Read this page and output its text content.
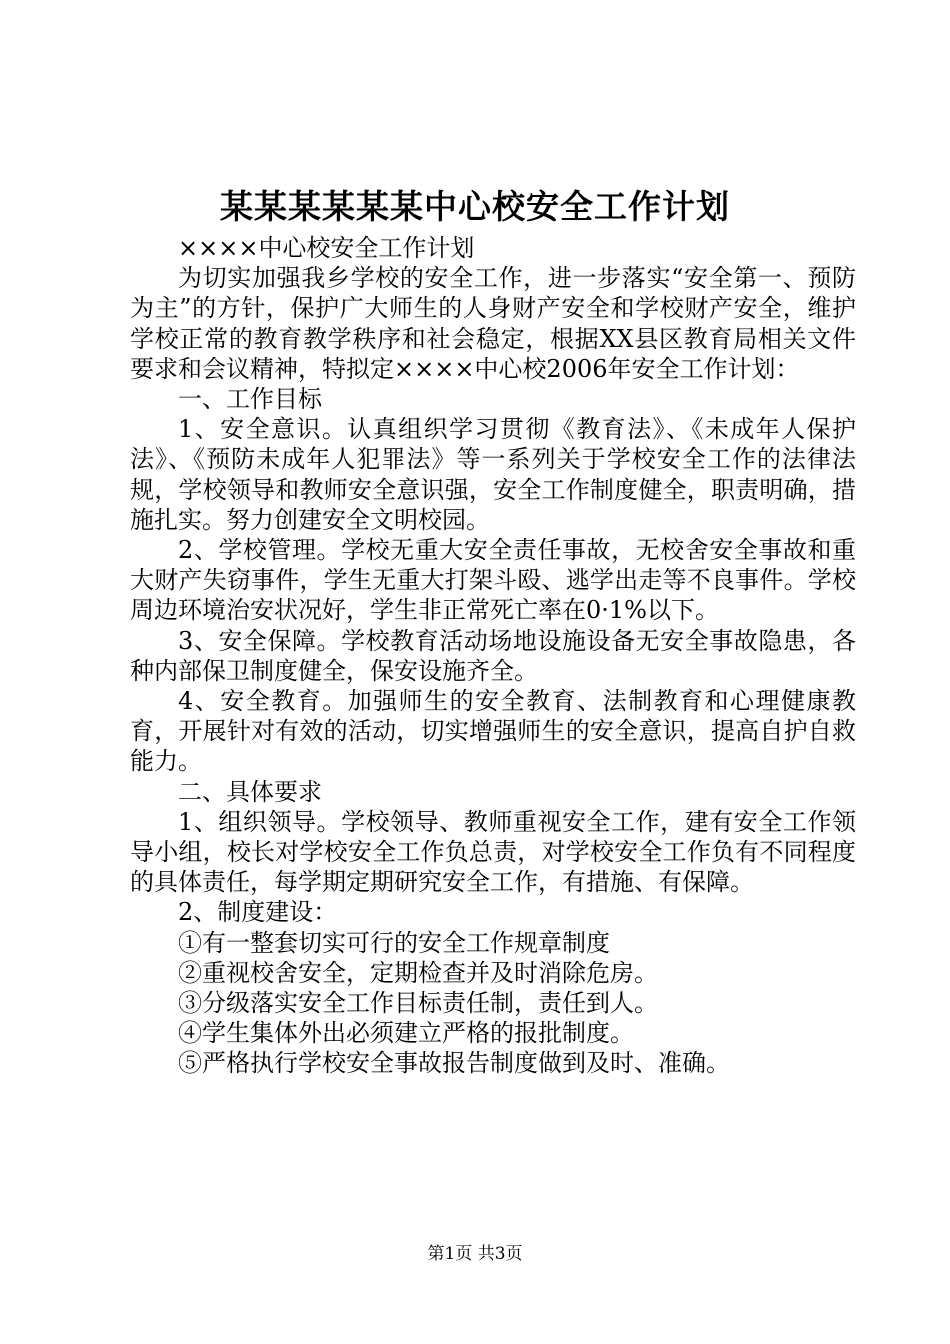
某某某某某某中心校安全工作计划

××××中心校安全工作计划

为切实加强我乡学校的安全工作，进一步落实“安全第一、预防为主”的方针，保护广大师生的人身财产安全和学校财产安全，维护学校正常的教育教学秩序和社会稳定，根据XX县区教育局相关文件要求和会议精神，特拟定××××中心校2006年安全工作计划：

一、工作目标

1、安全意识。认真组织学习贯彻《教育法》、《未成年人保护法》、《预防未成年人犯罪法》等一系列关于学校安全工作的法律法规，学校领导和教师安全意识强，安全工作制度健全，职责明确，措施扎实。努力创建安全文明校园。

2、学校管理。学校无重大安全责任事故，无校舍安全事故和重大财产失窃事件，学生无重大打架斗殴、逃学出走等不良事件。学校周边环境治安状况好，学生非正常死亡率在0·1%以下。

3、安全保障。学校教育活动场地设施设备无安全事故隐患，各种内部保卫制度健全，保安设施齐全。

4、安全教育。加强师生的安全教育、法制教育和心理健康教育，开展针对有效的活动，切实增强师生的安全意识，提高自护自救能力。

二、具体要求

1、组织领导。学校领导、教师重视安全工作，建有安全工作领导小组，校长对学校安全工作负总责，对学校安全工作负有不同程度的具体责任，每学期定期研究安全工作，有措施、有保障。

2、制度建设：

①有一整套切实可行的安全工作规章制度

②重视校舍安全，定期检查并及时消除危房。

③分级落实安全工作目标责任制，责任到人。

④学生集体外出必须建立严格的报批制度。

⑤严格执行学校安全事故报告制度做到及时、准确。

第1页 共3页
